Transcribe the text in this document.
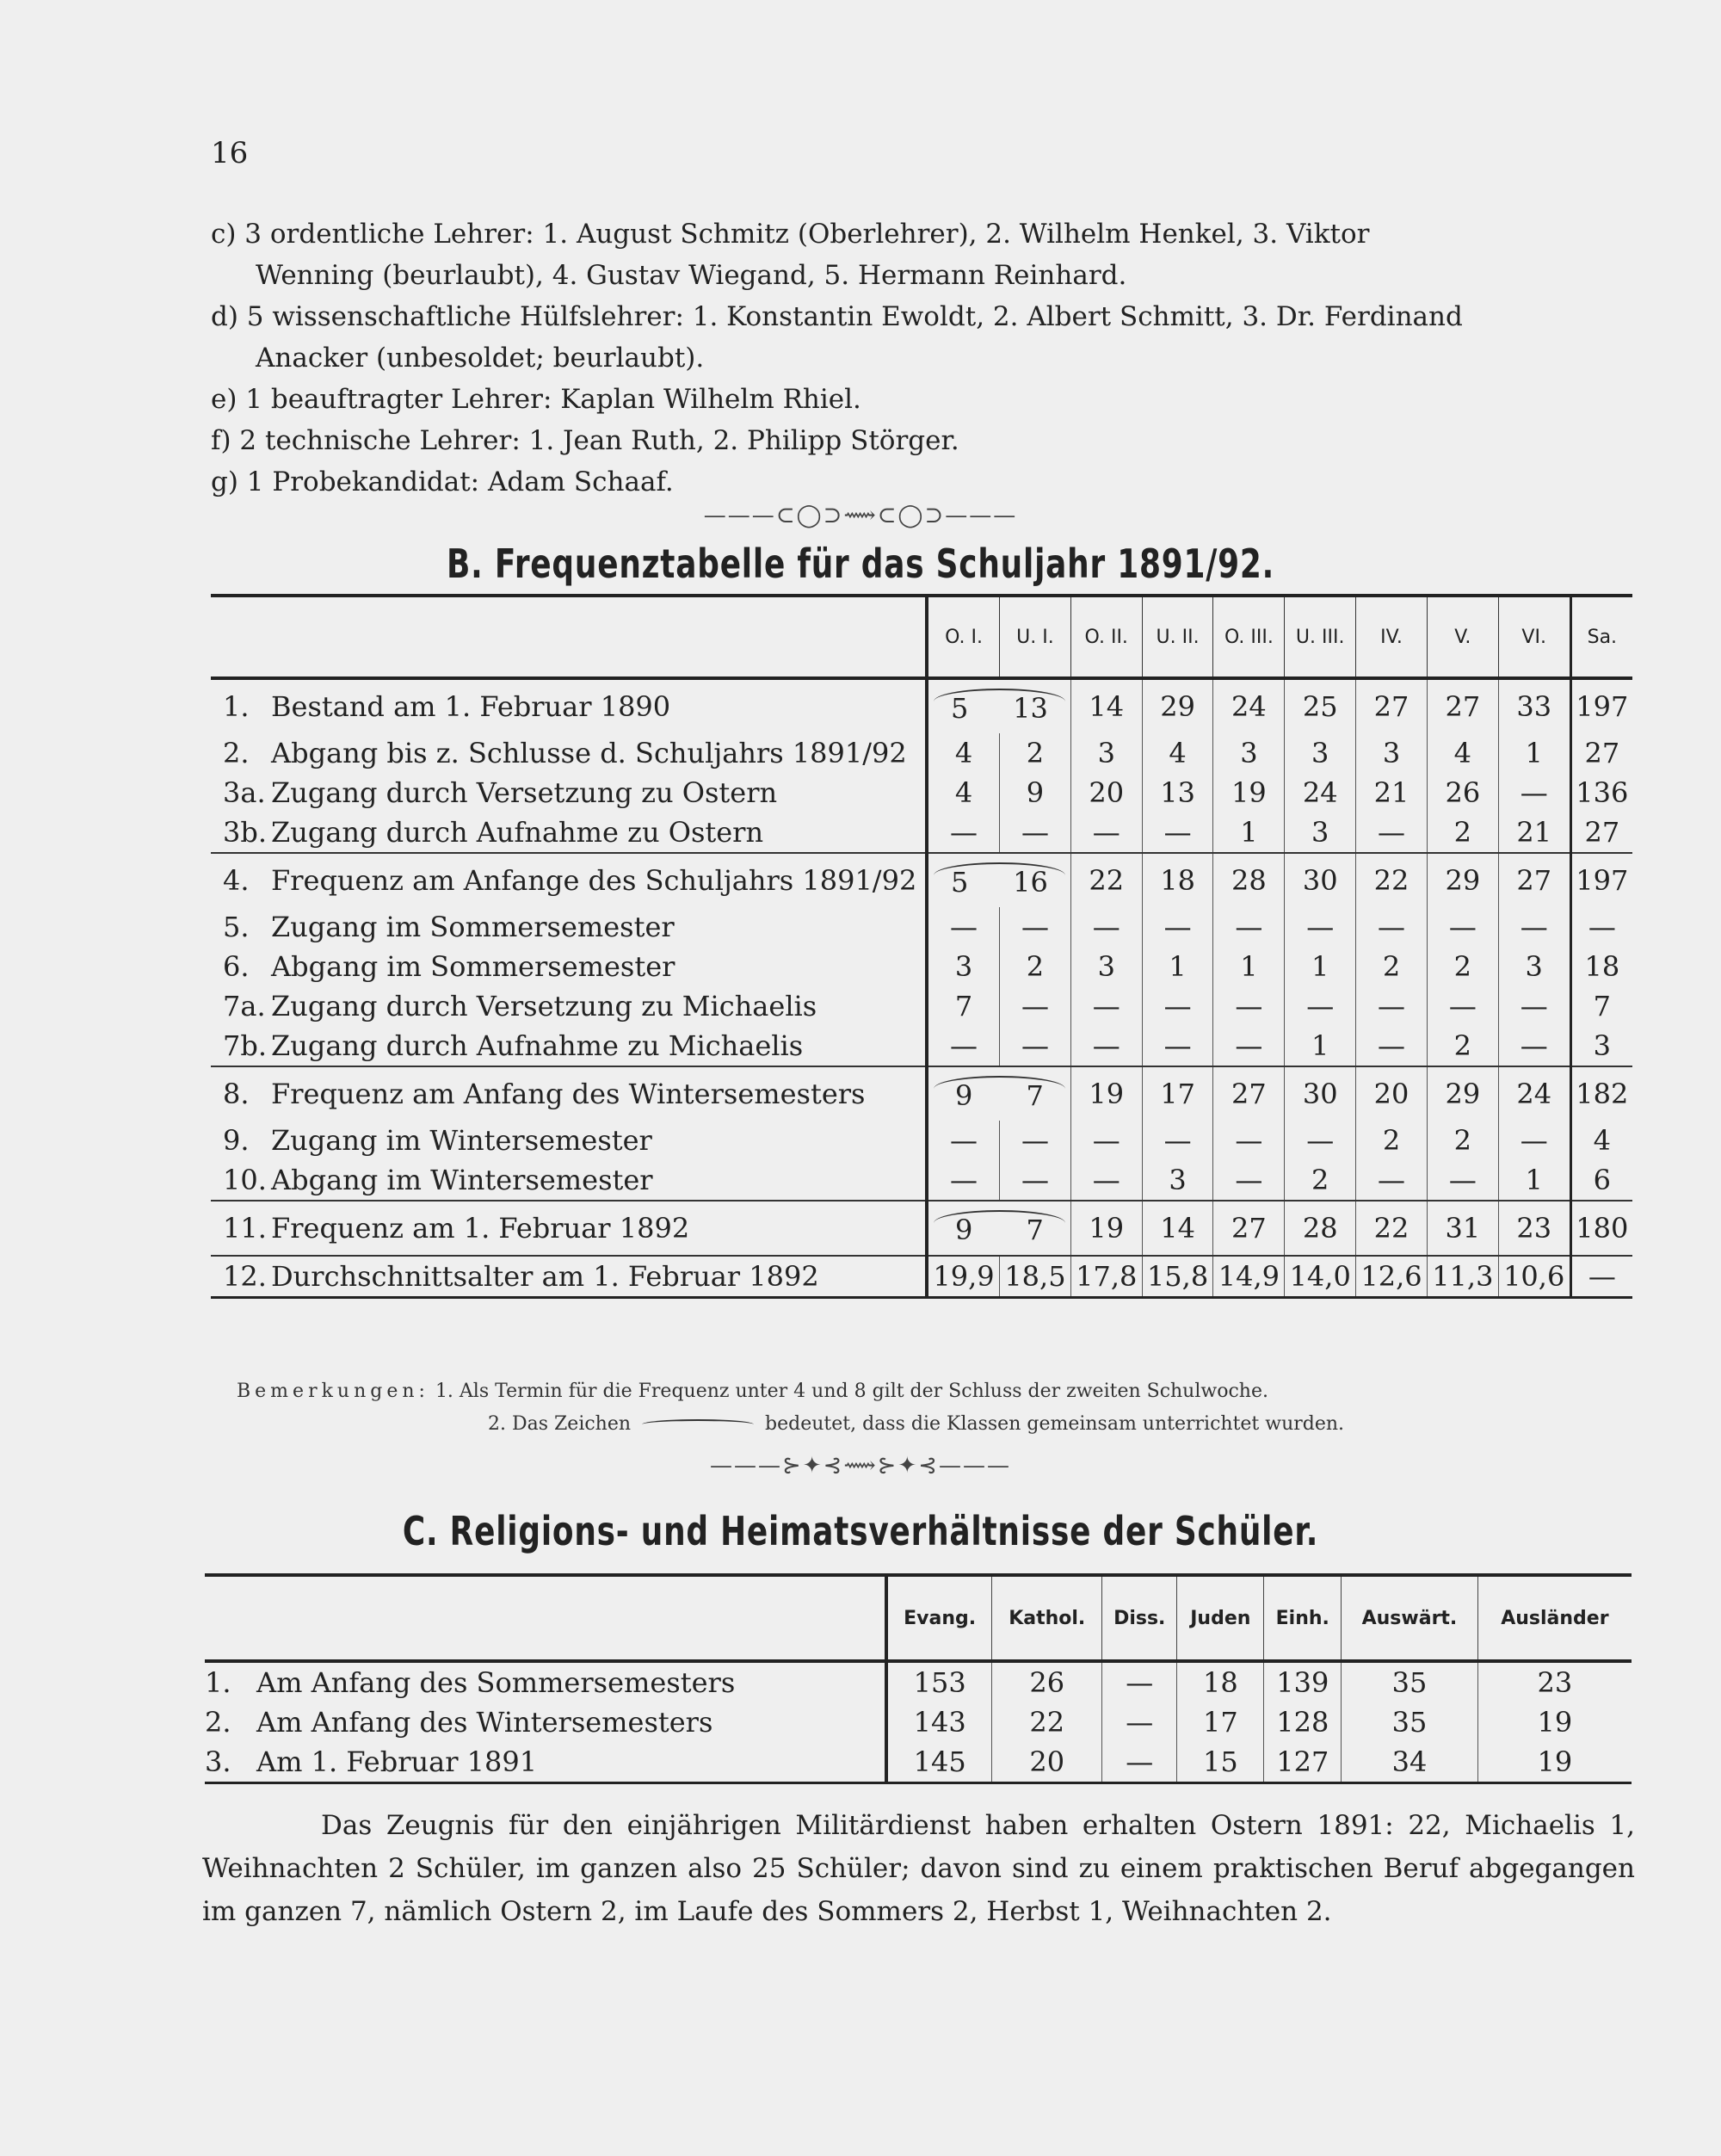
16
c) 3 ordentliche Lehrer: 1. August Schmitz (Oberlehrer), 2. Wilhelm Henkel, 3. Viktor
Wenning (beurlaubt), 4. Gustav Wiegand, 5. Hermann Reinhard.
d) 5 wissenschaftliche Hülfslehrer: 1. Konstantin Ewoldt, 2. Albert Schmitt, 3. Dr. Ferdinand
Anacker (unbesoldet; beurlaubt).
e) 1 beauftragter Lehrer: Kaplan Wilhelm Rhiel.
f) 2 technische Lehrer: 1. Jean Ruth, 2. Philipp Störger.
g) 1 Probekandidat: Adam Schaaf.
———⊂◯⊃⟿⊂◯⊃———
B. Frequenztabelle für das Schuljahr 1891/92.
		O. I.	U. I.	O. II.	U. II.	O. III.	U. III.	IV.	V.	VI.	Sa.
1.	Bestand am 1. Februar 1890	5 13		14	29	24	25	27	27	33	197
2.	Abgang bis z. Schlusse d. Schuljahrs 1891/92	4	2	3	4	3	3	3	4	1	27
3a.	Zugang durch Versetzung zu Ostern	4	9	20	13	19	24	21	26	—	136
3b.	Zugang durch Aufnahme zu Ostern	—	—	—	—	1	3	—	2	21	27
4.	Frequenz am Anfange des Schuljahrs 1891/92	5 16		22	18	28	30	22	29	27	197
5.	Zugang im Sommersemester	—	—	—	—	—	—	—	—	—	—
6.	Abgang im Sommersemester	3	2	3	1	1	1	2	2	3	18
7a.	Zugang durch Versetzung zu Michaelis	7	—	—	—	—	—	—	—	—	7
7b.	Zugang durch Aufnahme zu Michaelis	—	—	—	—	—	1	—	2	—	3
8.	Frequenz am Anfang des Wintersemesters	9 7		19	17	27	30	20	29	24	182
9.	Zugang im Wintersemester	—	—	—	—	—	—	2	2	—	4
10.	Abgang im Wintersemester	—	—	—	3	—	2	—	—	1	6
11.	Frequenz am 1. Februar 1892	9 7		19	14	27	28	22	31	23	180
12.	Durchschnittsalter am 1. Februar 1892	19,9	18,5	17,8	15,8	14,9	14,0	12,6	11,3	10,6	—
Bemerkungen: 1. Als Termin für die Frequenz unter 4 und 8 gilt der Schluss der zweiten Schulwoche.
2. Das Zeichen	bedeutet, dass die Klassen gemeinsam unterrichtet wurden.
———⊱✦⊰⟿⊱✦⊰———
C. Religions- und Heimatsverhältnisse der Schüler.
		Evang.	Kathol.	Diss.	Juden	Einh.	Auswärt.	Ausländer
1.	Am Anfang des Sommersemesters	153	26	—	18	139	35	23
2.	Am Anfang des Wintersemesters	143	22	—	17	128	35	19
3.	Am 1. Februar 1891	145	20	—	15	127	34	19
Das Zeugnis für den einjährigen Militärdienst haben erhalten Ostern 1891: 22, Michaelis 1, Weihnachten 2 Schüler, im ganzen also 25 Schüler; davon sind zu einem praktischen Beruf abgegangen im ganzen 7, nämlich Ostern 2, im Laufe des Sommers 2, Herbst 1, Weihnachten 2.
